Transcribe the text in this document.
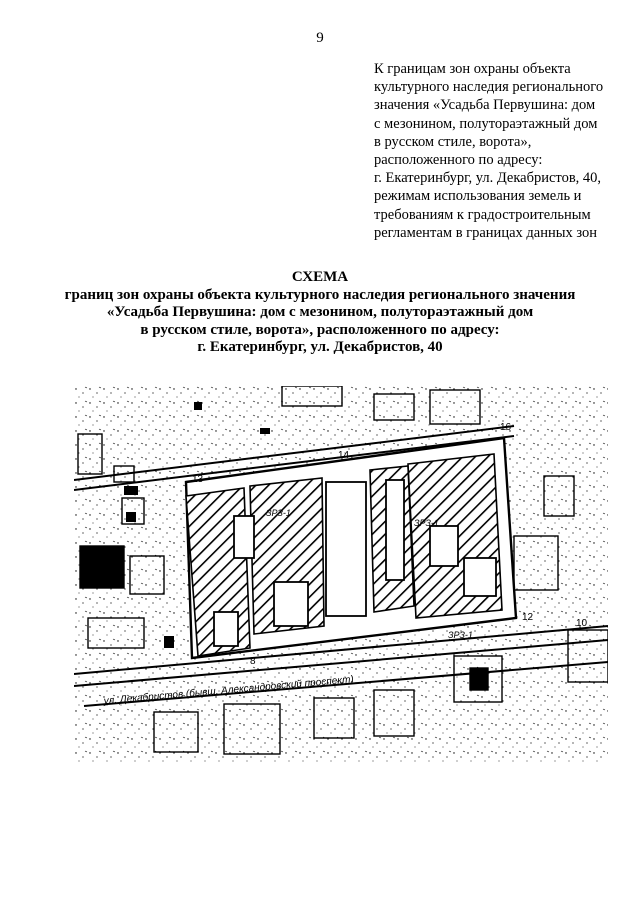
9
К границам зон охраны объекта
культурного наследия регионального
значения «Усадьба Первушина: дом
с мезонином, полутораэтажный дом
в русском стиле, ворота»,
расположенного по адресу:
г. Екатеринбург, ул. Декабристов, 40,
режимам использования земель и
требованиям к градостроительным
регламентам в границах данных зон
СХЕМА
границ зон охраны объекта культурного наследия регионального значения
«Усадьба Первушина: дом с мезонином, полутораэтажный дом
в русском стиле, ворота», расположенного по адресу:
г. Екатеринбург, ул. Декабристов, 40
13
14
16
12
7
10
8
ЗРЗ-1
ЗРЗ-1
ЗРЗ-1
ул. Декабристов (бывш. Александровский проспект)
